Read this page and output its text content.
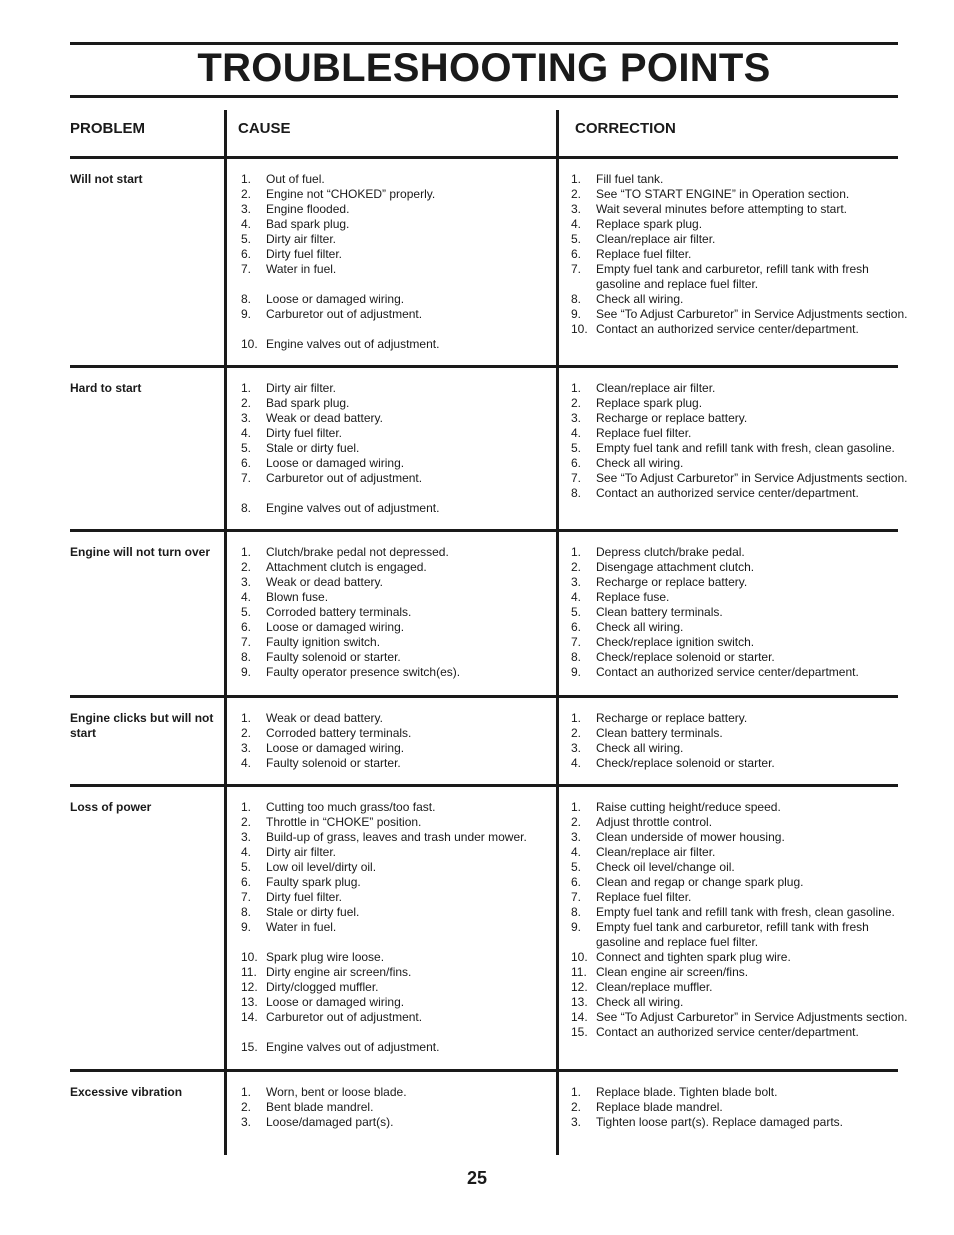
TROUBLESHOOTING POINTS
PROBLEM	CAUSE	CORRECTION
Will not start	1.	Out of fuel.
2.	Engine not “CHOKED” properly.
3.	Engine flooded.
4.	Bad spark plug.
5.	Dirty air filter.
6.	Dirty fuel filter.
7.	Water in fuel.

8.	Loose or damaged wiring.
9.	Carburetor out of adjustment.

10. Engine valves out of adjustment.
1.	Fill fuel tank.
2.	See “TO START ENGINE” in Operation section.
3.	Wait several minutes before attempting to start.
4.	Replace spark plug.
5.	Clean/replace air filter.
6.	Replace fuel filter.
7.	Empty fuel tank and carburetor, refill tank with fresh gasoline and replace fuel filter.
8.	Check all wiring.
9.	See “To Adjust Carburetor” in Service Adjustments section.
10. Contact an authorized service center/department.
Hard to start	1.	Dirty air filter.
2.	Bad spark plug.
3.	Weak or dead battery.
4.	Dirty fuel filter.
5.	Stale or dirty fuel.
6.	Loose or damaged wiring.
7.	Carburetor out of adjustment.

8.	Engine valves out of adjustment.
1.	Clean/replace air filter.
2.	Replace spark plug.
3.	Recharge or replace battery.
4.	Replace fuel filter.
5.	Empty fuel tank and refill tank with fresh, clean gasoline.
6.	Check all wiring.
7.	See “To Adjust Carburetor” in Service Adjustments section.
8.	Contact an authorized service center/department.
Engine will not turn over	1.	Clutch/brake pedal not depressed.
2.	Attachment clutch is engaged.
3.	Weak or dead battery.
4.	Blown fuse.
5.	Corroded battery terminals.
6.	Loose or damaged wiring.
7.	Faulty ignition switch.
8.	Faulty solenoid or starter.
9.	Faulty operator presence switch(es).
1.	Depress clutch/brake pedal.
2.	Disengage attachment clutch.
3.	Recharge or replace battery.
4.	Replace fuse.
5.	Clean battery terminals.
6.	Check all wiring.
7.	Check/replace ignition switch.
8.	Check/replace solenoid or starter.
9.	Contact an authorized service center/department.
Engine clicks but will not start
1.	Weak or dead battery.
2.	Corroded battery terminals.
3.	Loose or damaged wiring.
4.	Faulty solenoid or starter.
1.	Recharge or replace battery.
2.	Clean battery terminals.
3.	Check all wiring.
4.	Check/replace solenoid or starter.
Loss of power	1.	Cutting too much grass/too fast.
2.	Throttle in “CHOKE” position.
3.	Build-up of grass, leaves and trash under mower.
4.	Dirty air filter.
5.	Low oil level/dirty oil.
6.	Faulty spark plug.
7.	Dirty fuel filter.
8.	Stale or dirty fuel.
9.	Water in fuel.

10. Spark plug wire loose.
11. Dirty engine air screen/fins.
12. Dirty/clogged muffler.
13. Loose or damaged wiring.
14. Carburetor out of adjustment.

15. Engine valves out of adjustment.
1.	Raise cutting height/reduce speed.
2.	Adjust throttle control.
3.	Clean underside of mower housing.
4.	Clean/replace air filter.
5.	Check oil level/change oil.
6.	Clean and regap or change spark plug.
7.	Replace fuel filter.
8.	Empty fuel tank and refill tank with fresh, clean gasoline.
9.	Empty fuel tank and carburetor, refill tank with fresh gasoline and replace fuel filter.
10. Connect and tighten spark plug wire.
11. Clean engine air screen/fins.
12. Clean/replace muffler.
13. Check all wiring.
14. See “To Adjust Carburetor” in Service Adjustments section.
15. Contact an authorized service center/department.
Excessive vibration	1.	Worn, bent or loose blade.
2.	Bent blade mandrel.
3.	Loose/damaged part(s).
1.	Replace blade. Tighten blade bolt.
2.	Replace blade mandrel.
3.	Tighten loose part(s). Replace damaged parts.
25
